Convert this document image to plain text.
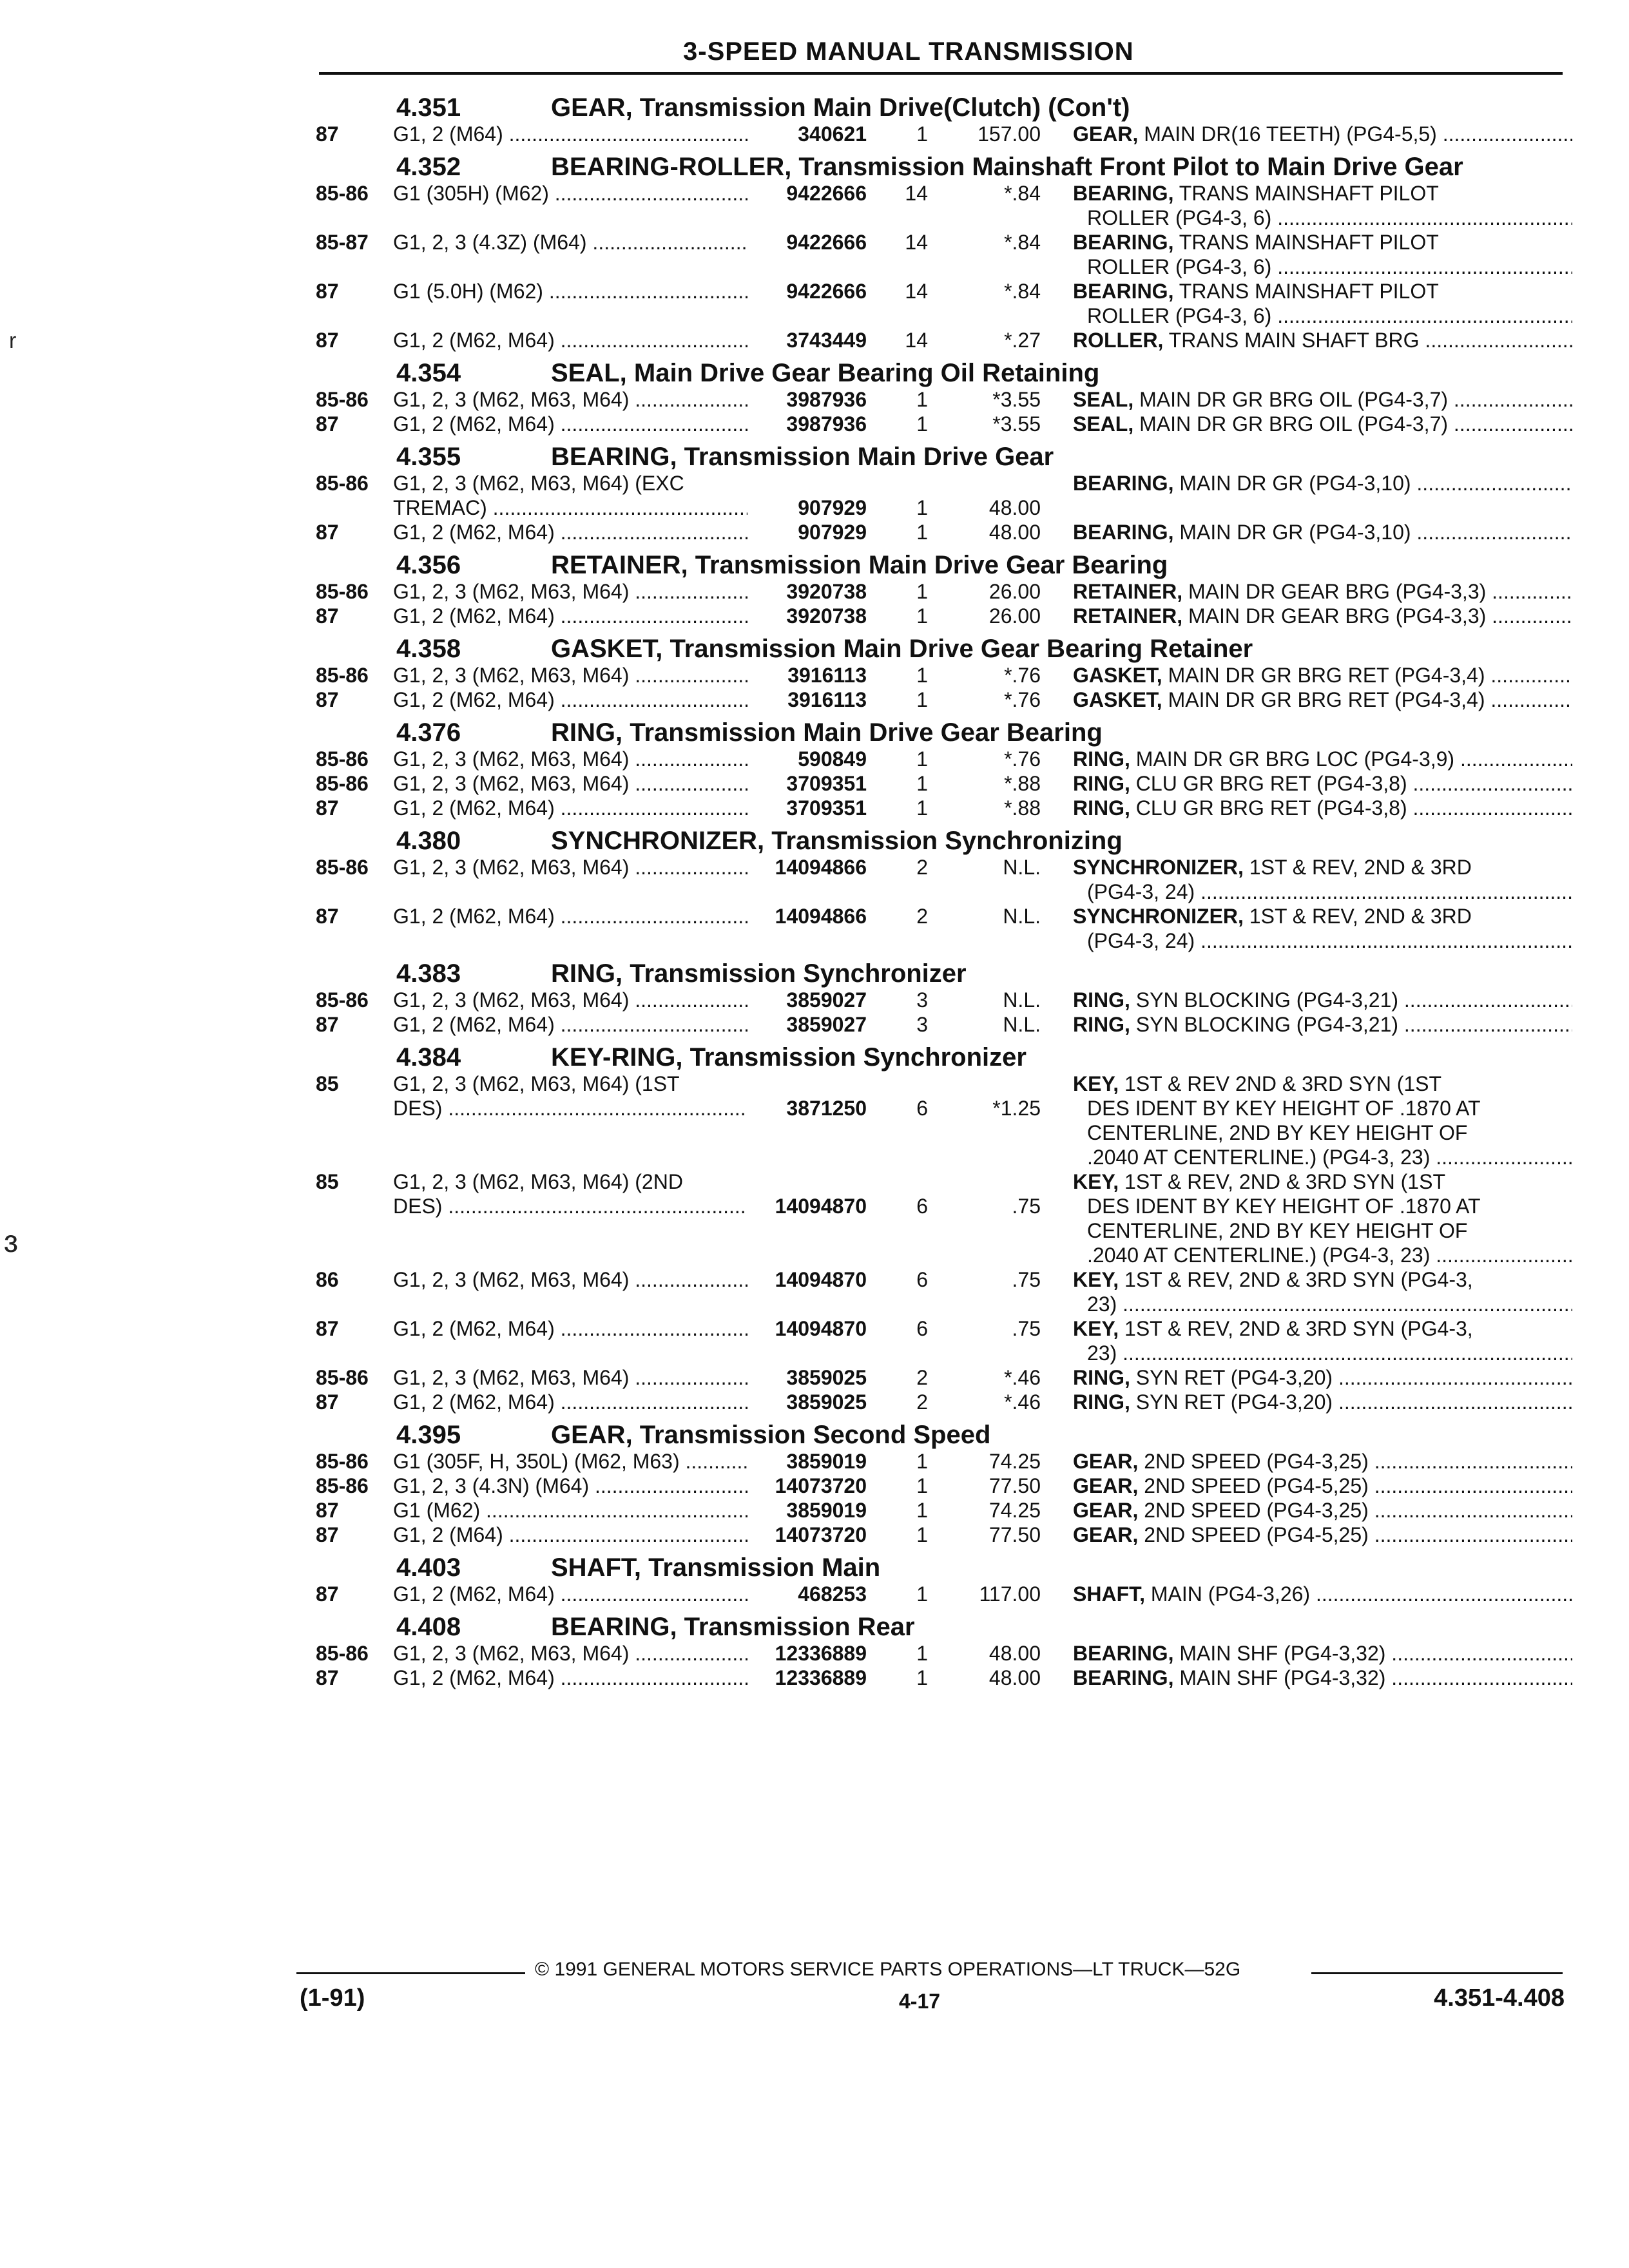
3-SPEED MANUAL TRANSMISSION
r
ɜ
4.351	GEAR, Transmission Main Drive(Clutch) (Con't)
87	G1, 2 (M64) .....	340621	1	157.00	GEAR, MAIN DR(16 TEETH) (PG4-5,5) .....
4.352	BEARING-ROLLER, Transmission Mainshaft Front Pilot to Main Drive Gear
85-86	G1 (305H) (M62) .....	9422666	14	*.84	BEARING, TRANS MAINSHAFT PILOT
ROLLER (PG4-3, 6) .....
85-87	G1, 2, 3 (4.3Z) (M64) .....	9422666	14	*.84	BEARING, TRANS MAINSHAFT PILOT
ROLLER (PG4-3, 6) .....
87	G1 (5.0H) (M62) .....	9422666	14	*.84	BEARING, TRANS MAINSHAFT PILOT
ROLLER (PG4-3, 6) .....
87	G1, 2 (M62, M64) .....	3743449	14	*.27	ROLLER, TRANS MAIN SHAFT BRG .....
4.354	SEAL, Main Drive Gear Bearing Oil Retaining
85-86	G1, 2, 3 (M62, M63, M64) .....	3987936	1	*3.55	SEAL, MAIN DR GR BRG OIL (PG4-3,7) .....
87	G1, 2 (M62, M64) .....	3987936	1	*3.55	SEAL, MAIN DR GR BRG OIL (PG4-3,7) .....
4.355	BEARING, Transmission Main Drive Gear
85-86	G1, 2, 3 (M62, M63, M64) (EXC	BEARING, MAIN DR GR (PG4-3,10) .....
TREMAC) .....	907929	1	48.00
87	G1, 2 (M62, M64) .....	907929	1	48.00	BEARING, MAIN DR GR (PG4-3,10) .....
4.356	RETAINER, Transmission Main Drive Gear Bearing
85-86	G1, 2, 3 (M62, M63, M64) .....	3920738	1	26.00	RETAINER, MAIN DR GEAR BRG (PG4-3,3) .....
87	G1, 2 (M62, M64) .....	3920738	1	26.00	RETAINER, MAIN DR GEAR BRG (PG4-3,3) .....
4.358	GASKET, Transmission Main Drive Gear Bearing Retainer
85-86	G1, 2, 3 (M62, M63, M64) .....	3916113	1	*.76	GASKET, MAIN DR GR BRG RET (PG4-3,4) .....
87	G1, 2 (M62, M64) .....	3916113	1	*.76	GASKET, MAIN DR GR BRG RET (PG4-3,4) .....
4.376	RING, Transmission Main Drive Gear Bearing
85-86	G1, 2, 3 (M62, M63, M64) .....	590849	1	*.76	RING, MAIN DR GR BRG LOC (PG4-3,9) .....
85-86	G1, 2, 3 (M62, M63, M64) .....	3709351	1	*.88	RING, CLU GR BRG RET (PG4-3,8) .....
87	G1, 2 (M62, M64) .....	3709351	1	*.88	RING, CLU GR BRG RET (PG4-3,8) .....
4.380	SYNCHRONIZER, Transmission Synchronizing
85-86	G1, 2, 3 (M62, M63, M64) .....	14094866	2	N.L.	SYNCHRONIZER, 1ST & REV, 2ND & 3RD
(PG4-3, 24) .....
87	G1, 2 (M62, M64) .....	14094866	2	N.L.	SYNCHRONIZER, 1ST & REV, 2ND & 3RD
(PG4-3, 24) .....
4.383	RING, Transmission Synchronizer
85-86	G1, 2, 3 (M62, M63, M64) .....	3859027	3	N.L.	RING, SYN BLOCKING (PG4-3,21) .....
87	G1, 2 (M62, M64) .....	3859027	3	N.L.	RING, SYN BLOCKING (PG4-3,21) .....
4.384	KEY-RING, Transmission Synchronizer
85	G1, 2, 3 (M62, M63, M64) (1ST	KEY, 1ST & REV 2ND & 3RD SYN (1ST
DES) .....	3871250	6	*1.25	DES IDENT BY KEY HEIGHT OF .1870 AT
CENTERLINE, 2ND BY KEY HEIGHT OF
.2040 AT CENTERLINE.) (PG4-3, 23) .....
85	G1, 2, 3 (M62, M63, M64) (2ND	KEY, 1ST & REV, 2ND & 3RD SYN (1ST
DES) .....	14094870	6	.75	DES IDENT BY KEY HEIGHT OF .1870 AT
CENTERLINE, 2ND BY KEY HEIGHT OF
.2040 AT CENTERLINE.) (PG4-3, 23) .....
86	G1, 2, 3 (M62, M63, M64) .....	14094870	6	.75	KEY, 1ST & REV, 2ND & 3RD SYN (PG4-3,
23) .....
87	G1, 2 (M62, M64) .....	14094870	6	.75	KEY, 1ST & REV, 2ND & 3RD SYN (PG4-3,
23) .....
85-86	G1, 2, 3 (M62, M63, M64) .....	3859025	2	*.46	RING, SYN RET (PG4-3,20) .....
87	G1, 2 (M62, M64) .....	3859025	2	*.46	RING, SYN RET (PG4-3,20) .....
4.395	GEAR, Transmission Second Speed
85-86	G1 (305F, H, 350L) (M62, M63) .....	3859019	1	74.25	GEAR, 2ND SPEED (PG4-3,25) .....
85-86	G1, 2, 3 (4.3N) (M64) .....	14073720	1	77.50	GEAR, 2ND SPEED (PG4-5,25) .....
87	G1 (M62) .....	3859019	1	74.25	GEAR, 2ND SPEED (PG4-3,25) .....
87	G1, 2 (M64) .....	14073720	1	77.50	GEAR, 2ND SPEED (PG4-5,25) .....
4.403	SHAFT, Transmission Main
87	G1, 2 (M62, M64) .....	468253	1	117.00	SHAFT, MAIN (PG4-3,26) .....
4.408	BEARING, Transmission Rear
85-86	G1, 2, 3 (M62, M63, M64) .....	12336889	1	48.00	BEARING, MAIN SHF (PG4-3,32) .....
87	G1, 2 (M62, M64) .....	12336889	1	48.00	BEARING, MAIN SHF (PG4-3,32) .....
© 1991 GENERAL MOTORS SERVICE PARTS OPERATIONS—LT TRUCK—52G
(1-91)	4-17	4.351-4.408
